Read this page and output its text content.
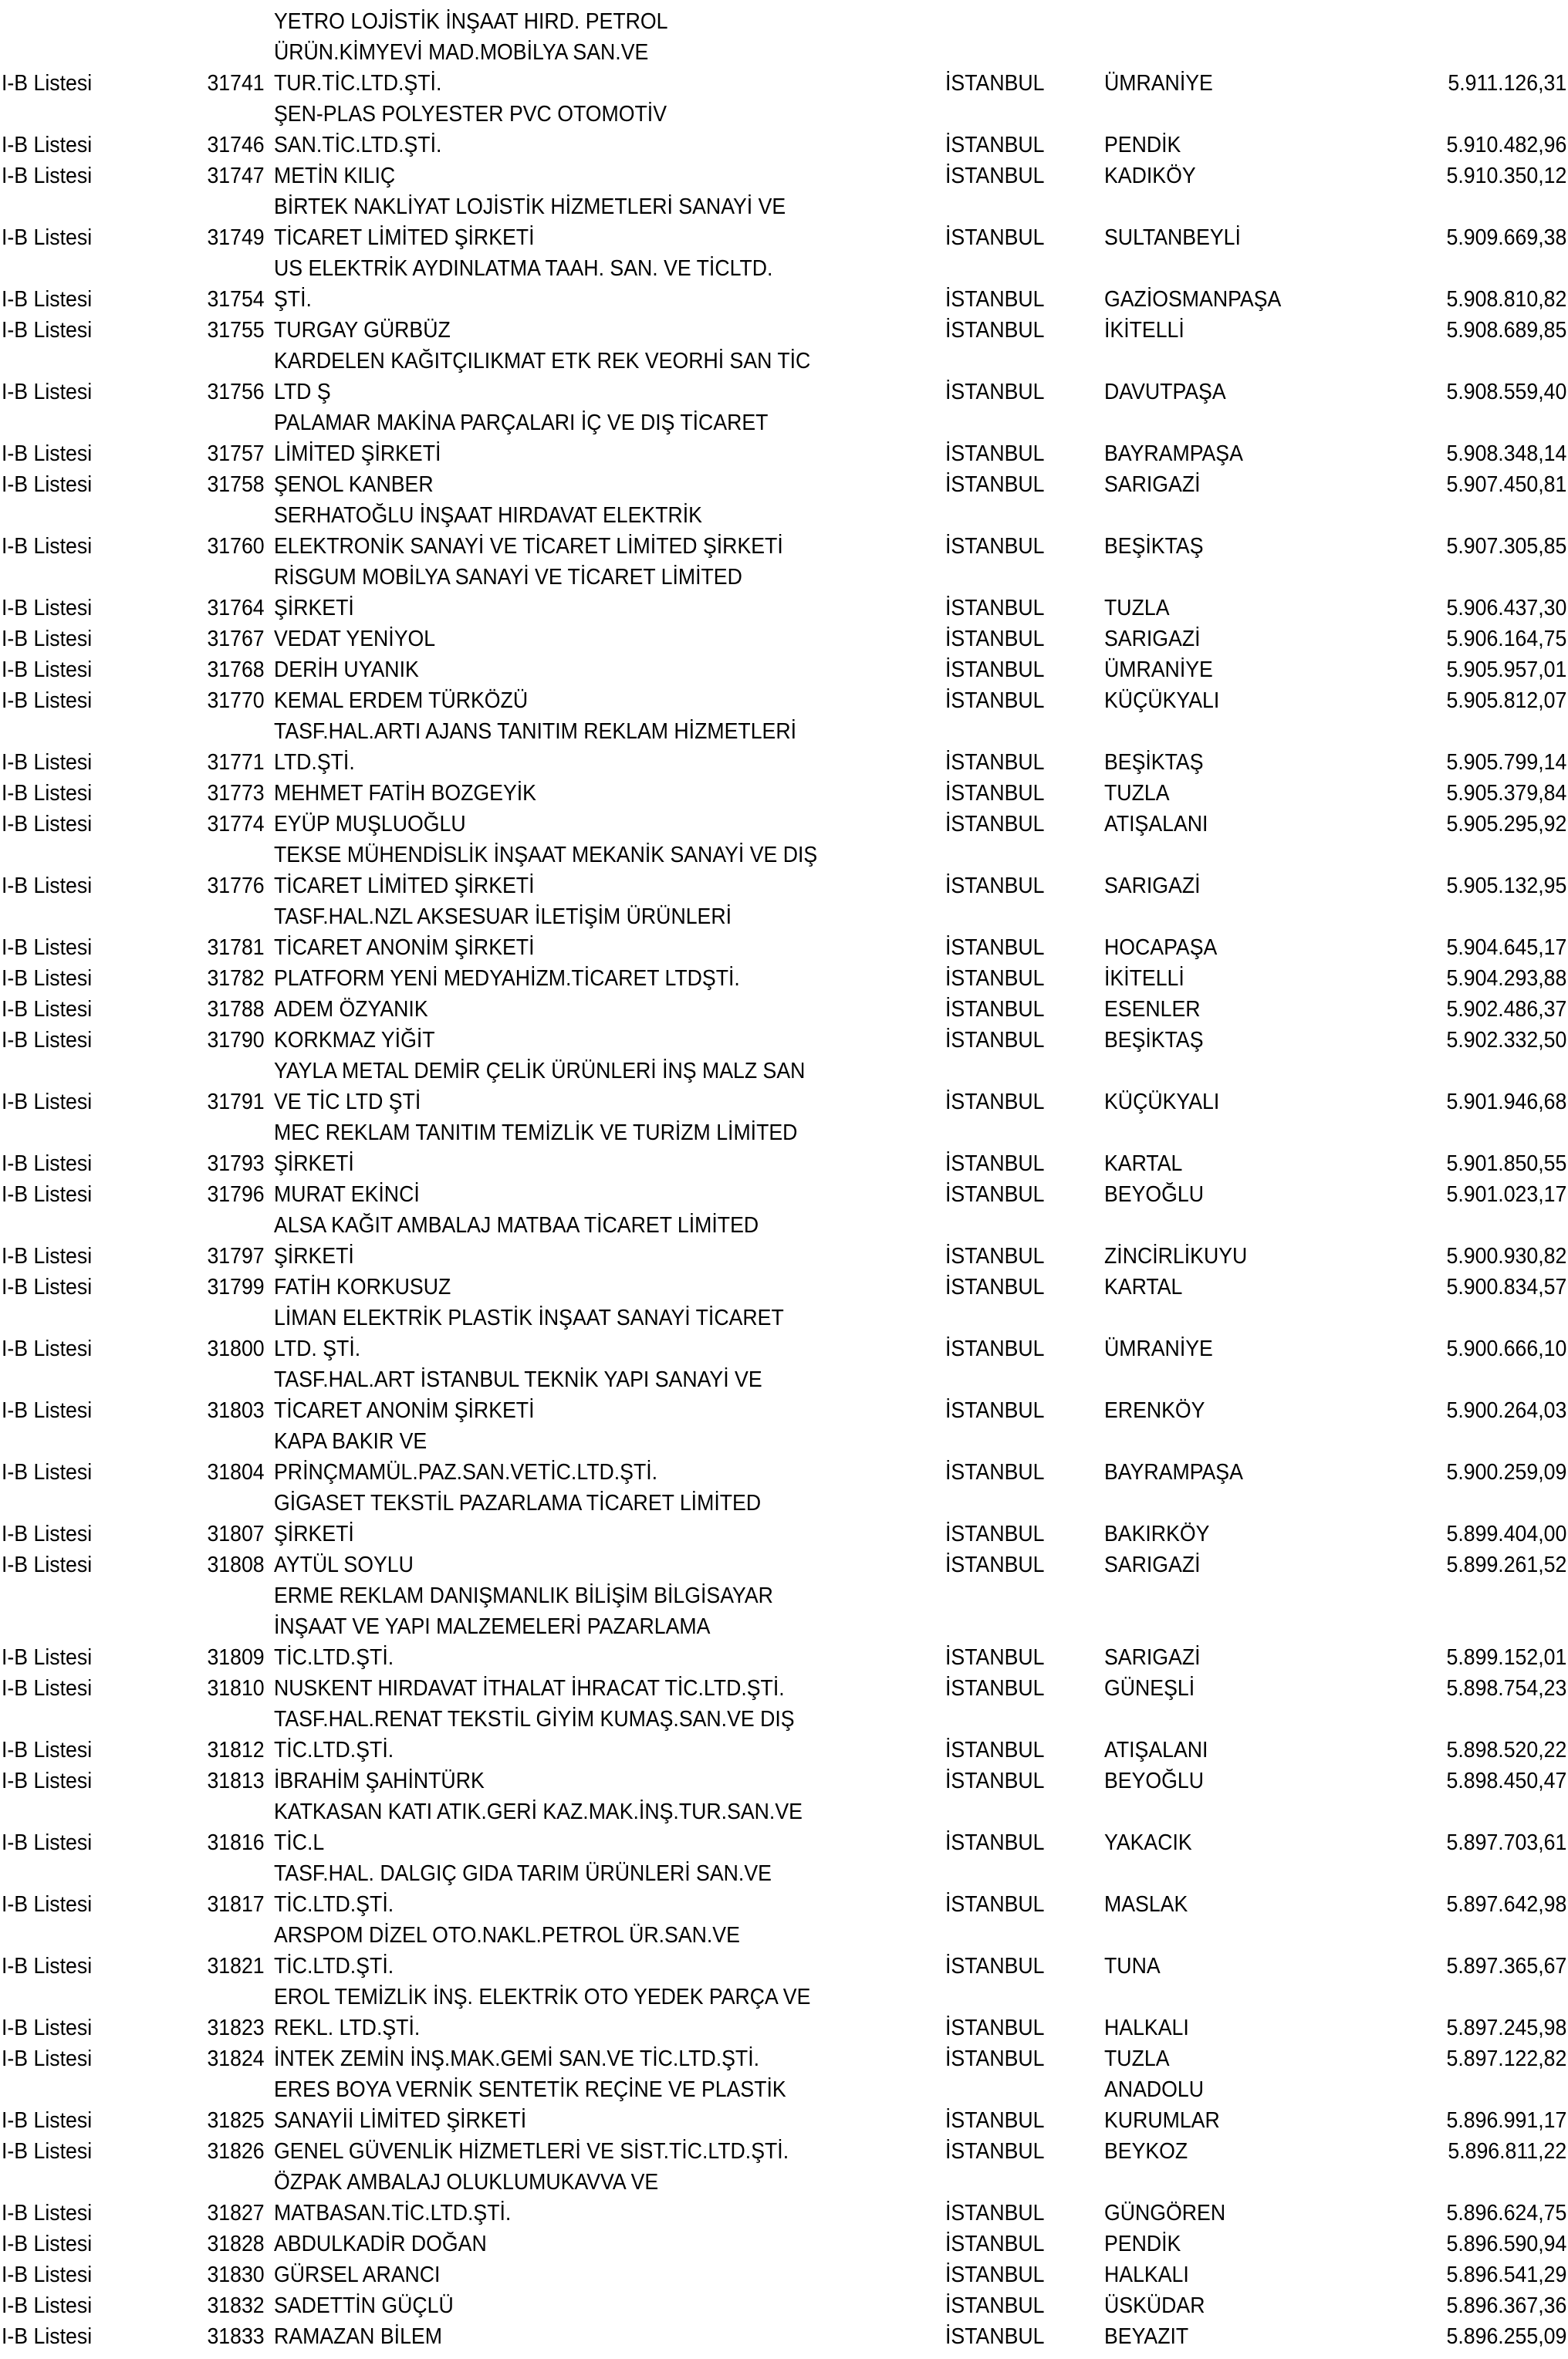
YETRO LOJİSTİK İNŞAAT HIRD. PETROL
ÜRÜN.KİMYEVİ MAD.MOBİLYA SAN.VE
I-B Listesi	31741 TUR.TİC.LTD.ŞTİ.	İSTANBUL	ÜMRANİYE	5.911.126,31
ŞEN-PLAS POLYESTER PVC OTOMOTİV
I-B Listesi	31746 SAN.TİC.LTD.ŞTİ.	İSTANBUL	PENDİK	5.910.482,96
I-B Listesi	31747 METİN KILIÇ	İSTANBUL	KADIKÖY	5.910.350,12
BİRTEK NAKLİYAT LOJİSTİK HİZMETLERİ SANAYİ VE
I-B Listesi	31749 TİCARET LİMİTED ŞİRKETİ	İSTANBUL	SULTANBEYLİ	5.909.669,38
US ELEKTRİK AYDINLATMA TAAH. SAN. VE TİCLTD.
I-B Listesi	31754 ŞTİ.	İSTANBUL	GAZİOSMANPAŞA	5.908.810,82
I-B Listesi	31755 TURGAY GÜRBÜZ	İSTANBUL	İKİTELLİ	5.908.689,85
KARDELEN KAĞITÇILIKMAT ETK REK VEORHİ SAN TİC
I-B Listesi	31756 LTD Ş	İSTANBUL	DAVUTPAŞA	5.908.559,40
PALAMAR MAKİNA PARÇALARI İÇ VE DIŞ TİCARET
I-B Listesi	31757 LİMİTED ŞİRKETİ	İSTANBUL	BAYRAMPAŞA	5.908.348,14
I-B Listesi	31758 ŞENOL KANBER	İSTANBUL	SARIGAZİ	5.907.450,81
SERHATOĞLU İNŞAAT HIRDAVAT ELEKTRİK
I-B Listesi	31760 ELEKTRONİK SANAYİ VE TİCARET LİMİTED ŞİRKETİ	İSTANBUL	BEŞİKTAŞ	5.907.305,85
RİSGUM MOBİLYA SANAYİ VE TİCARET LİMİTED
I-B Listesi	31764 ŞİRKETİ	İSTANBUL	TUZLA	5.906.437,30
I-B Listesi	31767 VEDAT YENİYOL	İSTANBUL	SARIGAZİ	5.906.164,75
I-B Listesi	31768 DERİH UYANIK	İSTANBUL	ÜMRANİYE	5.905.957,01
I-B Listesi	31770 KEMAL ERDEM TÜRKÖZÜ	İSTANBUL	KÜÇÜKYALI	5.905.812,07
TASF.HAL.ARTI AJANS TANITIM REKLAM HİZMETLERİ
I-B Listesi	31771 LTD.ŞTİ.	İSTANBUL	BEŞİKTAŞ	5.905.799,14
I-B Listesi	31773 MEHMET FATİH BOZGEYİK	İSTANBUL	TUZLA	5.905.379,84
I-B Listesi	31774 EYÜP MUŞLUOĞLU	İSTANBUL	ATIŞALANI	5.905.295,92
TEKSE MÜHENDİSLİK İNŞAAT MEKANİK SANAYİ VE DIŞ
I-B Listesi	31776 TİCARET LİMİTED ŞİRKETİ	İSTANBUL	SARIGAZİ	5.905.132,95
TASF.HAL.NZL AKSESUAR İLETİŞİM ÜRÜNLERİ
I-B Listesi	31781 TİCARET ANONİM ŞİRKETİ	İSTANBUL	HOCAPAŞA	5.904.645,17
I-B Listesi	31782 PLATFORM YENİ MEDYAHİZM.TİCARET LTDŞTİ.	İSTANBUL	İKİTELLİ	5.904.293,88
I-B Listesi	31788 ADEM ÖZYANIK	İSTANBUL	ESENLER	5.902.486,37
I-B Listesi	31790 KORKMAZ YİĞİT	İSTANBUL	BEŞİKTAŞ	5.902.332,50
YAYLA METAL DEMİR ÇELİK ÜRÜNLERİ İNŞ MALZ SAN
I-B Listesi	31791 VE TİC LTD ŞTİ	İSTANBUL	KÜÇÜKYALI	5.901.946,68
MEC REKLAM TANITIM TEMİZLİK VE TURİZM LİMİTED
I-B Listesi	31793 ŞİRKETİ	İSTANBUL	KARTAL	5.901.850,55
I-B Listesi	31796 MURAT EKİNCİ	İSTANBUL	BEYOĞLU	5.901.023,17
ALSA KAĞIT AMBALAJ MATBAA TİCARET LİMİTED
I-B Listesi	31797 ŞİRKETİ	İSTANBUL	ZİNCİRLİKUYU	5.900.930,82
I-B Listesi	31799 FATİH KORKUSUZ	İSTANBUL	KARTAL	5.900.834,57
LİMAN ELEKTRİK PLASTİK İNŞAAT SANAYİ TİCARET
I-B Listesi	31800 LTD. ŞTİ.	İSTANBUL	ÜMRANİYE	5.900.666,10
TASF.HAL.ART İSTANBUL TEKNİK YAPI SANAYİ VE
I-B Listesi	31803 TİCARET ANONİM ŞİRKETİ	İSTANBUL	ERENKÖY	5.900.264,03
KAPA BAKIR VE
I-B Listesi	31804 PRİNÇMAMÜL.PAZ.SAN.VETİC.LTD.ŞTİ.	İSTANBUL	BAYRAMPAŞA	5.900.259,09
GİGASET TEKSTİL PAZARLAMA TİCARET LİMİTED
I-B Listesi	31807 ŞİRKETİ	İSTANBUL	BAKIRKÖY	5.899.404,00
I-B Listesi	31808 AYTÜL SOYLU	İSTANBUL	SARIGAZİ	5.899.261,52
ERME REKLAM DANIŞMANLIK BİLİŞİM BİLGİSAYAR
İNŞAAT VE YAPI MALZEMELERİ PAZARLAMA
I-B Listesi	31809 TİC.LTD.ŞTİ.	İSTANBUL	SARIGAZİ	5.899.152,01
I-B Listesi	31810 NUSKENT HIRDAVAT İTHALAT İHRACAT TİC.LTD.ŞTİ.	İSTANBUL	GÜNEŞLİ	5.898.754,23
TASF.HAL.RENAT TEKSTİL GİYİM KUMAŞ.SAN.VE DIŞ
I-B Listesi	31812 TİC.LTD.ŞTİ.	İSTANBUL	ATIŞALANI	5.898.520,22
I-B Listesi	31813 İBRAHİM ŞAHİNTÜRK	İSTANBUL	BEYOĞLU	5.898.450,47
KATKASAN KATI ATIK.GERİ KAZ.MAK.İNŞ.TUR.SAN.VE
I-B Listesi	31816 TİC.L	İSTANBUL	YAKACIK	5.897.703,61
TASF.HAL. DALGIÇ GIDA TARIM ÜRÜNLERİ SAN.VE
I-B Listesi	31817 TİC.LTD.ŞTİ.	İSTANBUL	MASLAK	5.897.642,98
ARSPOM DİZEL OTO.NAKL.PETROL ÜR.SAN.VE
I-B Listesi	31821 TİC.LTD.ŞTİ.	İSTANBUL	TUNA	5.897.365,67
EROL TEMİZLİK İNŞ. ELEKTRİK OTO YEDEK PARÇA VE
I-B Listesi	31823 REKL. LTD.ŞTİ.	İSTANBUL	HALKALI	5.897.245,98
I-B Listesi	31824 İNTEK ZEMİN İNŞ.MAK.GEMİ SAN.VE TİC.LTD.ŞTİ.	İSTANBUL	TUZLA	5.897.122,82
ERES BOYA VERNİK SENTETİK REÇİNE VE PLASTİK	ANADOLU
I-B Listesi	31825 SANAYİİ LİMİTED ŞİRKETİ	İSTANBUL	KURUMLAR	5.896.991,17
I-B Listesi	31826 GENEL GÜVENLİK HİZMETLERİ VE SİST.TİC.LTD.ŞTİ.	İSTANBUL	BEYKOZ	5.896.811,22
ÖZPAK AMBALAJ OLUKLUMUKAVVA VE
I-B Listesi	31827 MATBASAN.TİC.LTD.ŞTİ.	İSTANBUL	GÜNGÖREN	5.896.624,75
I-B Listesi	31828 ABDULKADİR DOĞAN	İSTANBUL	PENDİK	5.896.590,94
I-B Listesi	31830 GÜRSEL ARANCI	İSTANBUL	HALKALI	5.896.541,29
I-B Listesi	31832 SADETTİN GÜÇLÜ	İSTANBUL	ÜSKÜDAR	5.896.367,36
I-B Listesi	31833 RAMAZAN BİLEM	İSTANBUL	BEYAZIT	5.896.255,09
